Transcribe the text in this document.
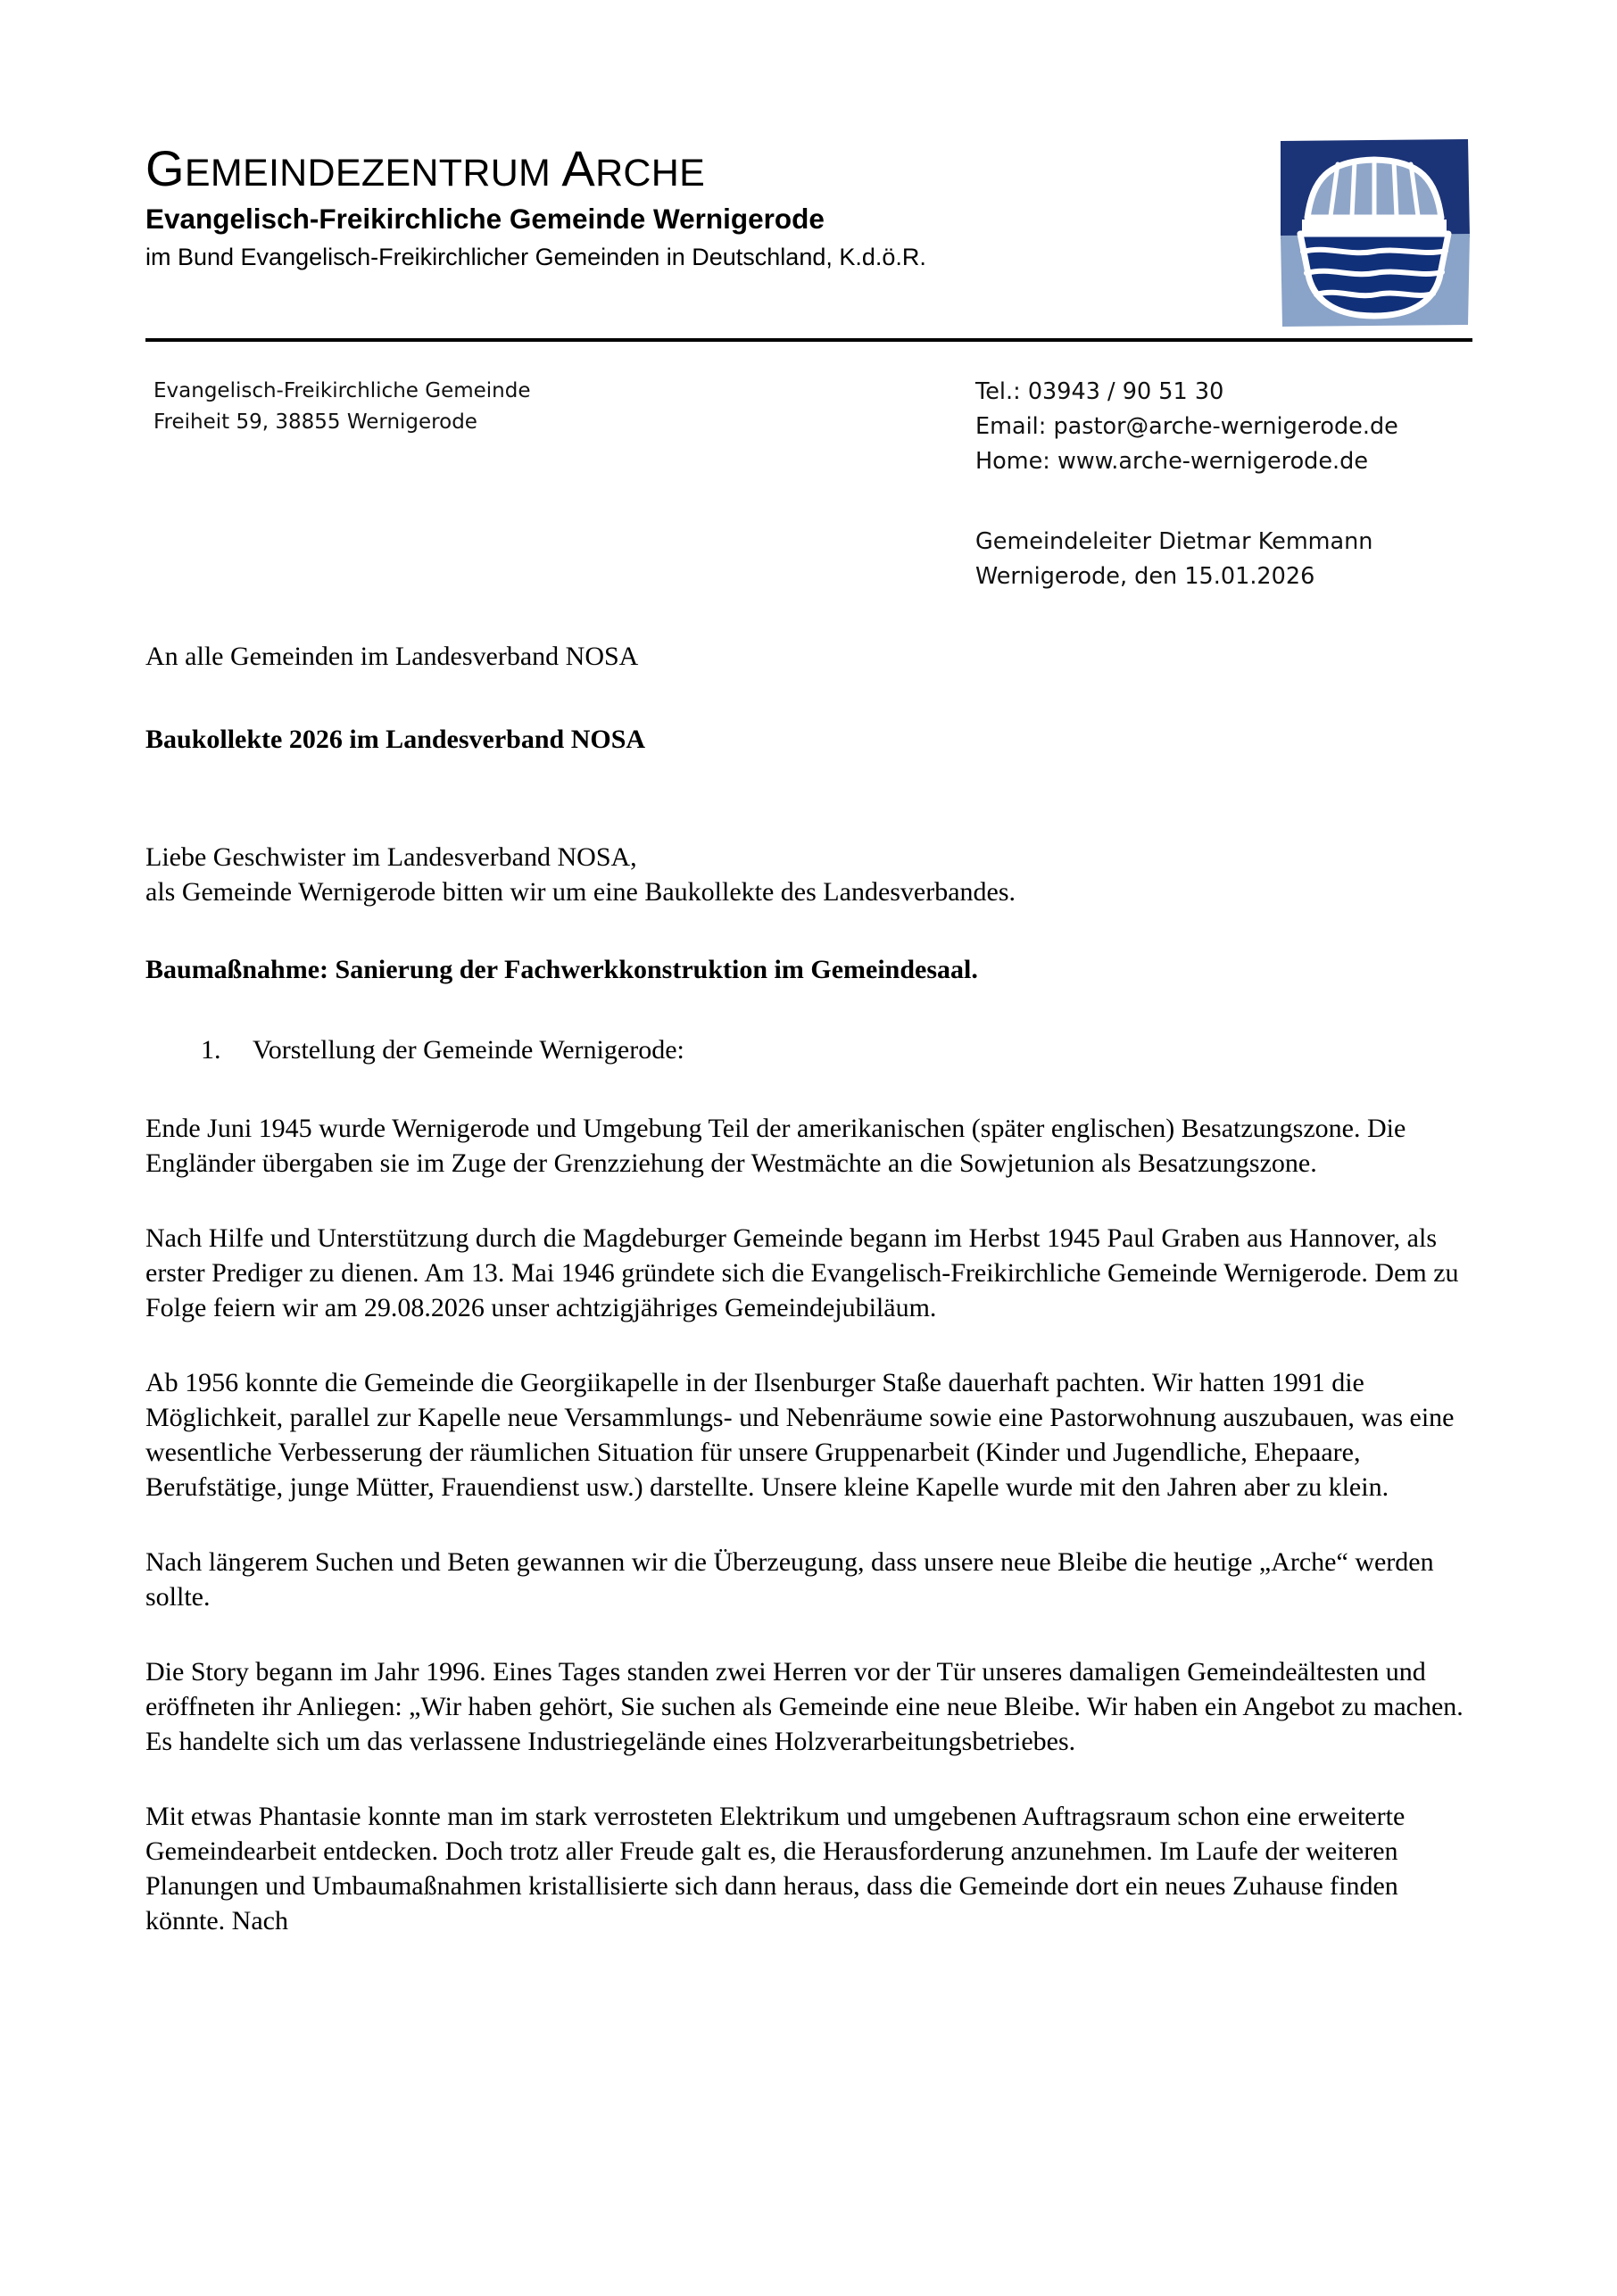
GEMEINDEZENTRUM ARCHE
Evangelisch-Freikirchliche Gemeinde Wernigerode
im Bund Evangelisch-Freikirchlicher Gemeinden in Deutschland, K.d.ö.R.
Evangelisch-Freikirchliche Gemeinde
Freiheit 59, 38855 Wernigerode
Tel.: 03943 / 90 51 30
Email: pastor@arche-wernigerode.de
Home: www.arche-wernigerode.de
Gemeindeleiter Dietmar Kemmann
Wernigerode, den 15.01.2026
An alle Gemeinden im Landesverband NOSA
Baukollekte 2026 im Landesverband NOSA
Liebe Geschwister im Landesverband NOSA,
als Gemeinde Wernigerode bitten wir um eine Baukollekte des Landesverbandes.
Baumaßnahme: Sanierung der Fachwerkkonstruktion im Gemeindesaal.
1.	Vorstellung der Gemeinde Wernigerode:

Ende Juni 1945 wurde Wernigerode und Umgebung Teil der amerikanischen (später englischen) Besatzungszone. Die Engländer übergaben sie im Zuge der Grenzziehung der Westmächte an die Sowjetunion als Besatzungszone.

Nach Hilfe und Unterstützung durch die Magdeburger Gemeinde begann im Herbst 1945 Paul Graben aus Hannover, als erster Prediger zu dienen. Am 13. Mai 1946 gründete sich die Evangelisch-Freikirchliche Gemeinde Wernigerode. Dem zu Folge feiern wir am 29.08.2026 unser achtzigjähriges Gemeindejubiläum.

Ab 1956 konnte die Gemeinde die Georgiikapelle in der Ilsenburger Staße dauerhaft pachten. Wir hatten 1991 die Möglichkeit, parallel zur Kapelle neue Versammlungs- und Nebenräume sowie eine Pastorwohnung auszubauen, was eine wesentliche Verbesserung der räumlichen Situation für unsere Gruppenarbeit (Kinder und Jugendliche, Ehepaare, Berufstätige, junge Mütter, Frauendienst usw.) darstellte. Unsere kleine Kapelle wurde mit den Jahren aber zu klein.

Nach längerem Suchen und Beten gewannen wir die Überzeugung, dass unsere neue Bleibe die heutige „Arche“ werden sollte.

Die Story begann im Jahr 1996. Eines Tages standen zwei Herren vor der Tür unseres damaligen Gemeindeältesten und eröffneten ihr Anliegen: „Wir haben gehört, Sie suchen als Gemeinde eine neue Bleibe. Wir haben ein Angebot zu machen. Es handelte sich um das verlassene Industriegelände eines Holzverarbeitungsbetriebes.

Mit etwas Phantasie konnte man im stark verrosteten Elektrikum und umgebenen Auftragsraum schon eine erweiterte Gemeindearbeit entdecken. Doch trotz aller Freude galt es, die Herausforderung anzunehmen. Im Laufe der weiteren Planungen und Umbaumaßnahmen kristallisierte sich dann heraus, dass die Gemeinde dort ein neues Zuhause finden könnte. Nach
